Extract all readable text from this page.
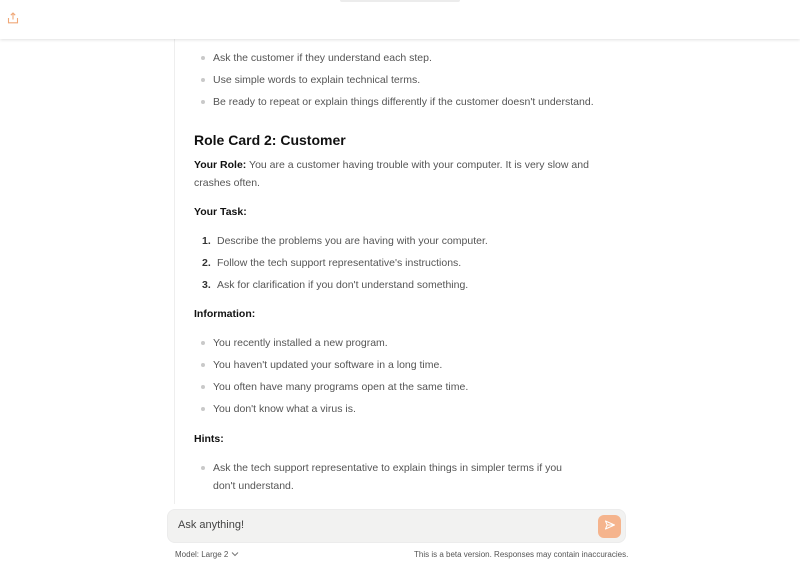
Ask the customer if they understand each step.
Use simple words to explain technical terms.
Be ready to repeat or explain things differently if the customer doesn't understand.
Role Card 2: Customer

Your Role: You are a customer having trouble with your computer. It is very slow and crashes often.

Your Task:
1. Describe the problems you are having with your computer.
2. Follow the tech support representative's instructions.
3. Ask for clarification if you don't understand something.
Information:
You recently installed a new program.
You haven't updated your software in a long time.
You often have many programs open at the same time.
You don't know what a virus is.
Hints:
Ask the tech support representative to explain things in simpler terms if you don't understand.
Ask anything!
Model: Large 2	This is a beta version. Responses may contain inaccuracies.
